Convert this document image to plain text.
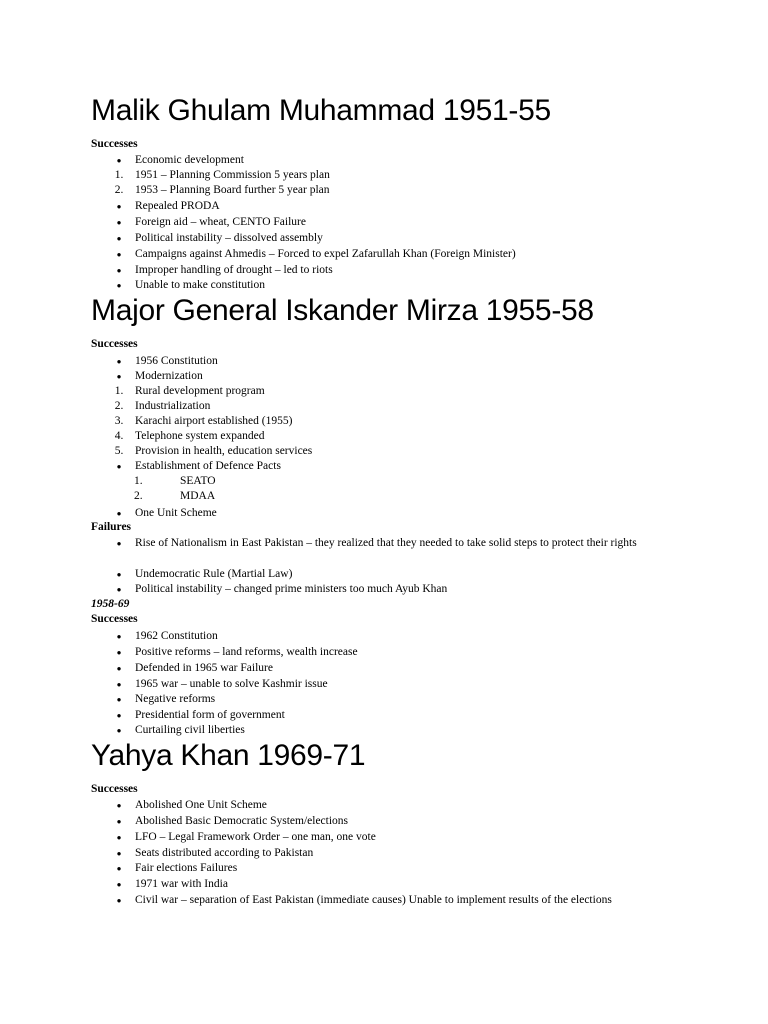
Malik Ghulam Muhammad 1951-55
Successes
●	Economic development
1.	1951 – Planning Commission 5 years plan
2.	1953 – Planning Board further 5 year plan
●	Repealed PRODA
●	Foreign aid – wheat, CENTO Failure
●	Political instability – dissolved assembly
●	Campaigns against Ahmedis – Forced to expel Zafarullah Khan (Foreign Minister)
●	Improper handling of drought – led to riots
●	Unable to make constitution
Major General Iskander Mirza 1955-58
Successes
●	1956 Constitution
●	Modernization
1.	Rural development program
2.	Industrialization
3.	Karachi airport established (1955)
4.	Telephone system expanded
5.	Provision in health, education services
●	Establishment of Defence Pacts
1.	SEATO
2.	MDAA
●	One Unit Scheme
Failures
●	Rise of Nationalism in East Pakistan – they realized that they needed to take solid steps to protect their rights
●	Undemocratic Rule (Martial Law)
●	Political instability – changed prime ministers too much Ayub Khan
1958-69
Successes
●	1962 Constitution
●	Positive reforms – land reforms, wealth increase
●	Defended in 1965 war Failure
●	1965 war – unable to solve Kashmir issue
●	Negative reforms
●	Presidential form of government
●	Curtailing civil liberties
Yahya Khan 1969-71
Successes
●	Abolished One Unit Scheme
●	Abolished Basic Democratic System/elections
●	LFO – Legal Framework Order – one man, one vote
●	Seats distributed according to Pakistan
●	Fair elections Failures
●	1971 war with India
●	Civil war – separation of East Pakistan (immediate causes) Unable to implement results of the elections
